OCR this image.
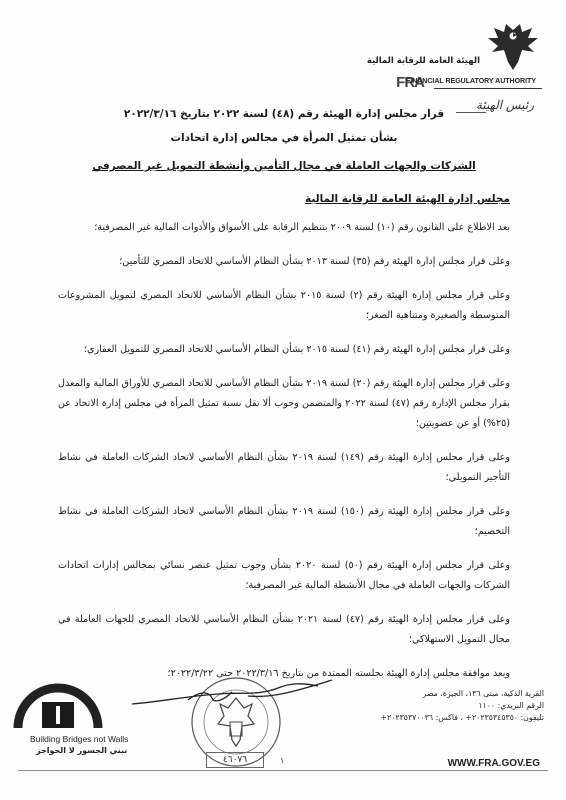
الهيئة العامة للرقابة المالية
FRA
FINANCIAL REGULATORY AUTHORITY
رئيس الهيئة
قرار مجلس إدارة الهيئة رقم (٤٨) لسنة ٢٠٢٢ بتاريخ ٢٠٢٢/٣/١٦
بشأن تمثيل المرأة في مجالس إدارة اتحادات
الشركات والجهات العاملة في مجال التأمين وأنشطة التمويل غير المصرفي
مجلس إدارة الهيئة العامة للرقابة المالية
بعد الاطلاع على القانون رقم (١٠) لسنة ٢٠٠٩ بتنظيم الرقابة على الأسواق والأدوات المالية غير المصرفية؛
وعلى قرار مجلس إدارة الهيئة رقم (٣٥) لسنة ٢٠١٣ بشأن النظام الأساسي للاتحاد المصري للتأمين؛
وعلى قرار مجلس إدارة الهيئة رقم (٢) لسنة ٢٠١٥ بشأن النظام الأساسي للاتحاد المصري لتمويل المشروعات المتوسطة والصغيرة ومتناهية الصغر؛
وعلى قرار مجلس إدارة الهيئة رقم (٤١) لسنة ٢٠١٥ بشأن النظام الأساسي للاتحاد المصري للتمويل العقاري؛
وعلى قرار مجلس إدارة الهيئة رقم (٢٠) لسنة ٢٠١٩ بشأن النظام الأساسي للاتحاد المصري للأوراق المالية والمعدل بقرار مجلس الإدارة رقم (٤٧) لسنة ٢٠٢٢ والمتضمن وجوب ألا تقل نسبة تمثيل المرأة في مجلس إدارة الاتحاد عن (٢٥%) أو عن عضويتين؛
وعلى قرار مجلس إدارة الهيئة رقم (١٤٩) لسنة ٢٠١٩ بشأن النظام الأساسي لاتحاد الشركات العاملة في نشاط التأجير التمويلي؛
وعلى قرار مجلس إدارة الهيئة رقم (١٥٠) لسنة ٢٠١٩ بشأن النظام الأساسي لاتحاد الشركات العاملة في نشاط التخصيم؛
وعلى قرار مجلس إدارة الهيئة رقم (٥٠) لسنة ٢٠٢٠ بشأن وجوب تمثيل عنصر نسائي بمجالس إدارات اتحادات الشركات والجهات العاملة في مجال الأنشطة المالية غير المصرفية؛
وعلى قرار مجلس إدارة الهيئة رقم (٤٧) لسنة ٢٠٢١ بشأن النظام الأساسي للاتحاد المصري للجهات العاملة في مجال التمويل الاستهلاكي؛
وبعد موافقة مجلس إدارة الهيئة بجلسته الممتدة من بتاريخ ٢٠٢٢/٣/١٦ حتى ٢٠٢٢/٣/٢٢؛
Building Bridges not Walls
نبني الجسور لا الحواجز
القرية الذكية، مبنى ١٣٦، الجيزة، مصر
الرقم البريدي: ١١٠٠
تليفون: ٢٠٢٣٥٣٤٥٣٥٠+ ، فاكس: ٢٠٢٣٥٣٧٠٠٣٦+
WWW.FRA.GOV.EG
٤٦٠٧٦	١
